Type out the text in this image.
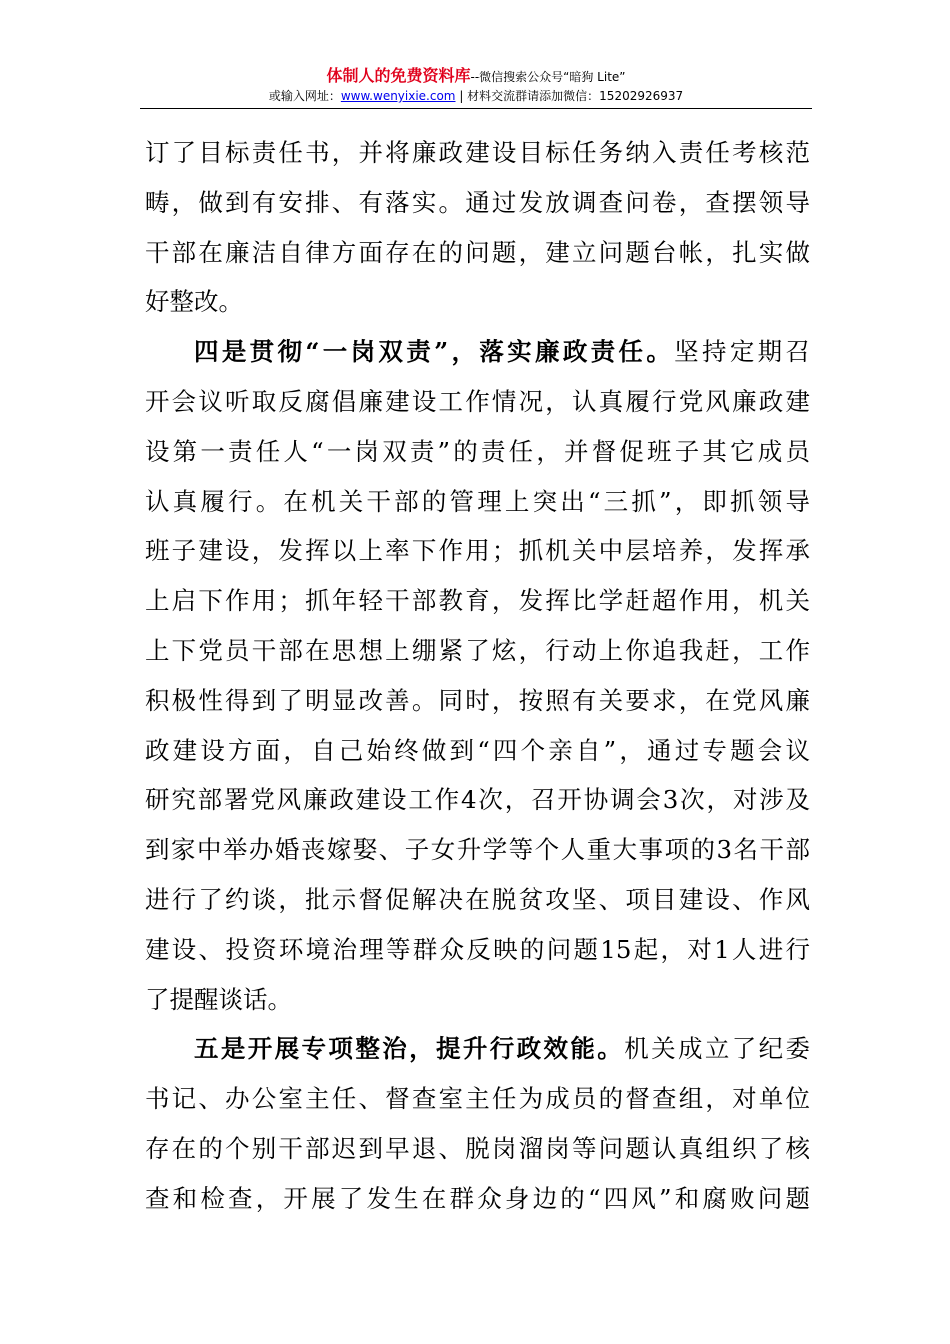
体制人的免费资料库--微信搜索公众号“暗狗 Lite”
或输入网址：www.wenyixie.com | 材料交流群请添加微信：15202926937
订了目标责任书，并将廉政建设目标任务纳入责任考核范
畴，做到有安排、有落实。通过发放调查问卷，查摆领导
干部在廉洁自律方面存在的问题，建立问题台帐，扎实做
好整改。
四是贯彻“一岗双责”，落实廉政责任。坚持定期召
开会议听取反腐倡廉建设工作情况，认真履行党风廉政建
设第一责任人“一岗双责”的责任，并督促班子其它成员
认真履行。在机关干部的管理上突出“三抓”，即抓领导
班子建设，发挥以上率下作用；抓机关中层培养，发挥承
上启下作用；抓年轻干部教育，发挥比学赶超作用，机关
上下党员干部在思想上绷紧了炫，行动上你追我赶，工作
积极性得到了明显改善。同时，按照有关要求，在党风廉
政建设方面，自己始终做到“四个亲自”，通过专题会议
研究部署党风廉政建设工作4次，召开协调会3次，对涉及
到家中举办婚丧嫁娶、子女升学等个人重大事项的3名干部
进行了约谈，批示督促解决在脱贫攻坚、项目建设、作风
建设、投资环境治理等群众反映的问题15起，对1人进行
了提醒谈话。
五是开展专项整治，提升行政效能。机关成立了纪委
书记、办公室主任、督查室主任为成员的督查组，对单位
存在的个别干部迟到早退、脱岗溜岗等问题认真组织了核
查和检查，开展了发生在群众身边的“四风”和腐败问题
